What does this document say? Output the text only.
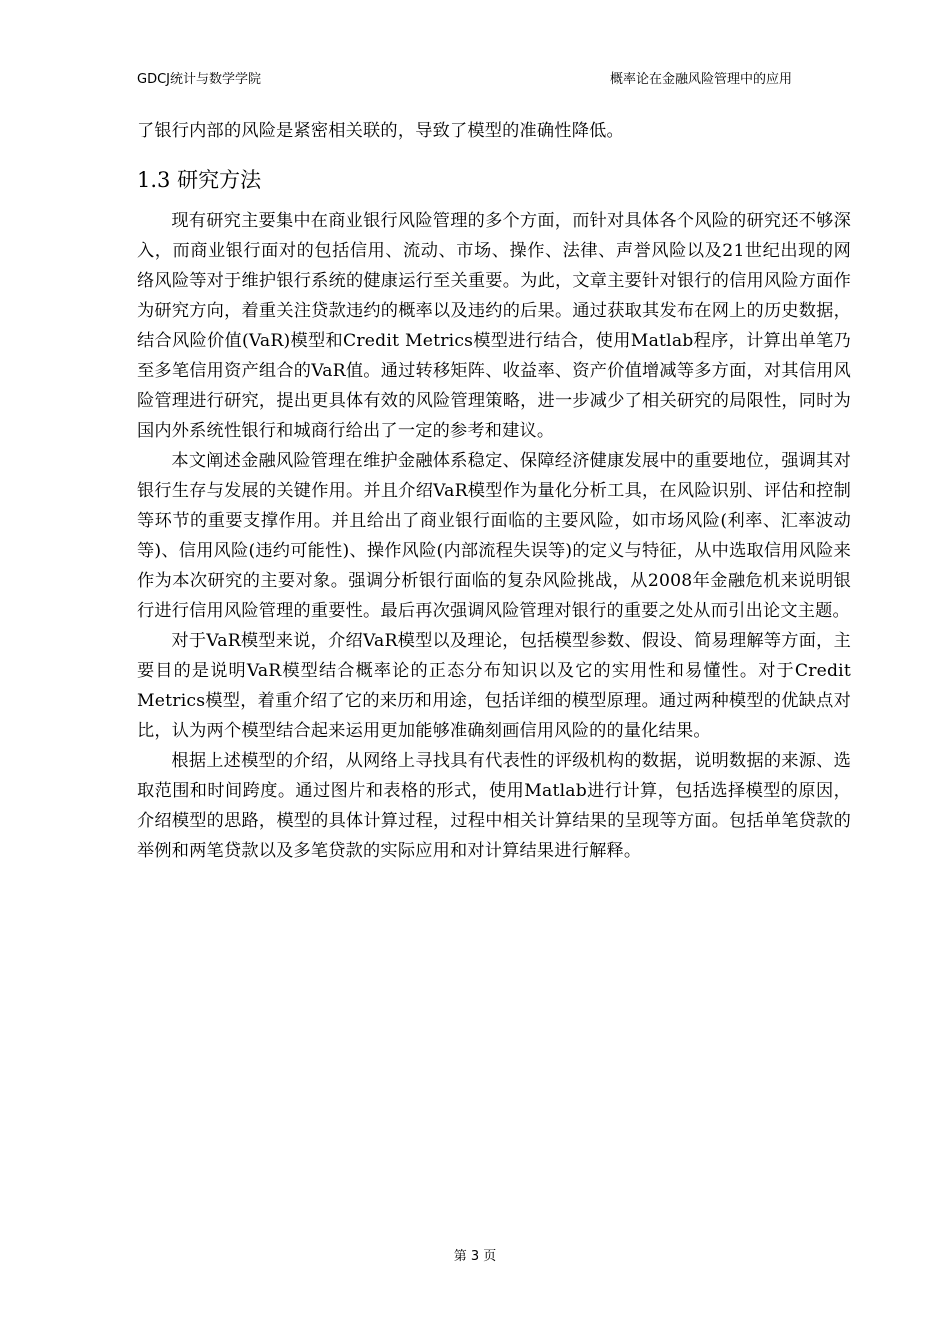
GDCJ统计与数学学院	概率论在金融风险管理中的应用

了银行内部的风险是紧密相关联的，导致了模型的准确性降低。

1.3 研究方法

现有研究主要集中在商业银行风险管理的多个方面，而针对具体各个风险的研究还不够深入，而商业银行面对的包括信用、流动、市场、操作、法律、声誉风险以及21世纪出现的网络风险等对于维护银行系统的健康运行至关重要。为此，文章主要针对银行的信用风险方面作为研究方向，着重关注贷款违约的概率以及违约的后果。通过获取其发布在网上的历史数据，结合风险价值(VaR)模型和Credit Metrics模型进行结合，使用Matlab程序，计算出单笔乃至多笔信用资产组合的VaR值。通过转移矩阵、收益率、资产价值增减等多方面，对其信用风险管理进行研究，提出更具体有效的风险管理策略，进一步减少了相关研究的局限性，同时为国内外系统性银行和城商行给出了一定的参考和建议。

本文阐述金融风险管理在维护金融体系稳定、保障经济健康发展中的重要地位，强调其对银行生存与发展的关键作用。并且介绍VaR模型作为量化分析工具，在风险识别、评估和控制等环节的重要支撑作用。并且给出了商业银行面临的主要风险，如市场风险(利率、汇率波动等)、信用风险(违约可能性)、操作风险(内部流程失误等)的定义与特征，从中选取信用风险来作为本次研究的主要对象。强调分析银行面临的复杂风险挑战，从2008年金融危机来说明银行进行信用风险管理的重要性。最后再次强调风险管理对银行的重要之处从而引出论文主题。

对于VaR模型来说，介绍VaR模型以及理论，包括模型参数、假设、简易理解等方面，主要目的是说明VaR模型结合概率论的正态分布知识以及它的实用性和易懂性。对于Credit Metrics模型，着重介绍了它的来历和用途，包括详细的模型原理。通过两种模型的优缺点对比，认为两个模型结合起来运用更加能够准确刻画信用风险的的量化结果。

根据上述模型的介绍，从网络上寻找具有代表性的评级机构的数据，说明数据的来源、选取范围和时间跨度。通过图片和表格的形式，使用Matlab进行计算，包括选择模型的原因，介绍模型的思路，模型的具体计算过程，过程中相关计算结果的呈现等方面。包括单笔贷款的举例和两笔贷款以及多笔贷款的实际应用和对计算结果进行解释。

第 3 页
